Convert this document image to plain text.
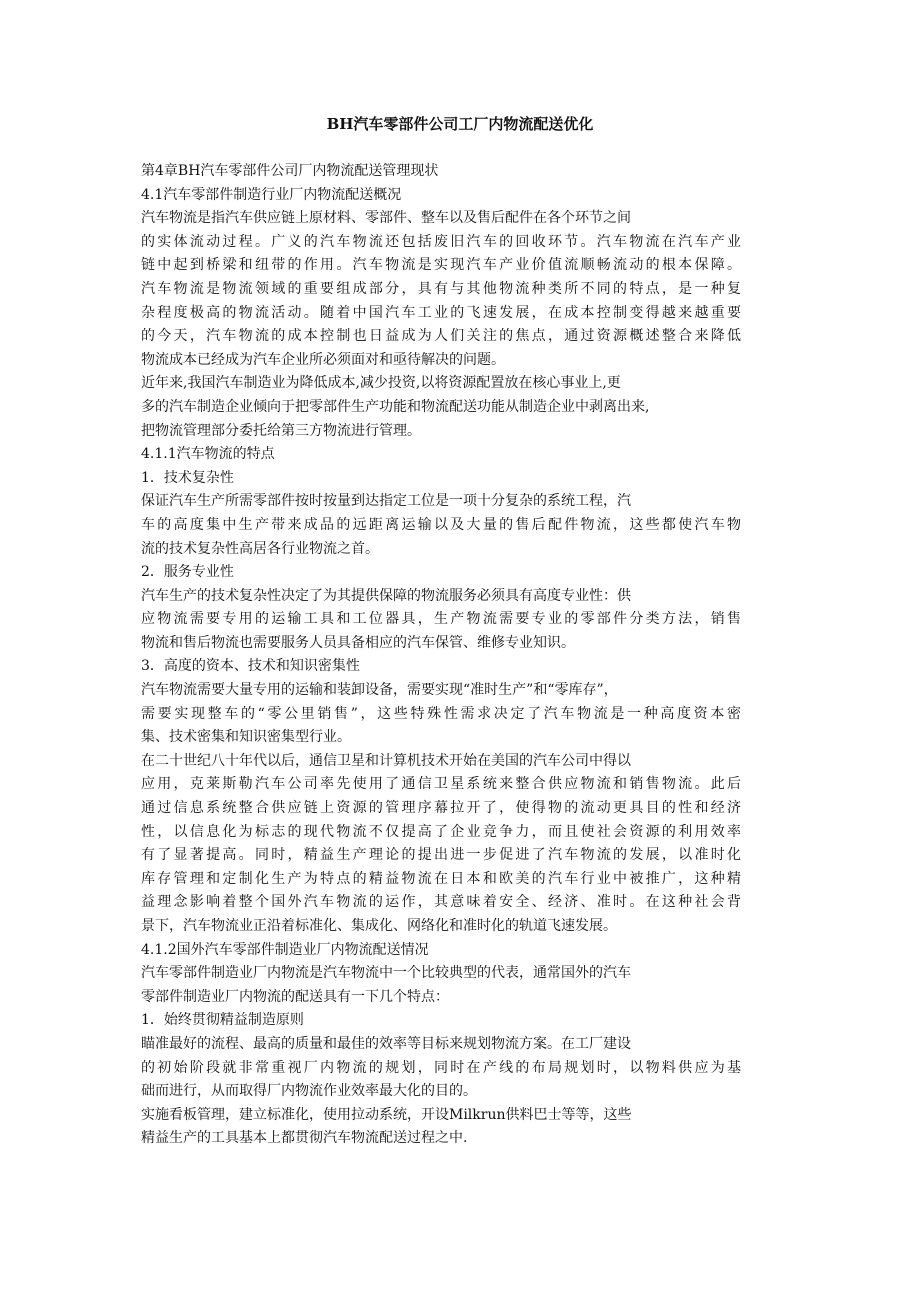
BH汽车零部件公司工厂内物流配送优化
第4章BH汽车零部件公司厂内物流配送管理现状
4.1汽车零部件制造行业厂内物流配送概况
汽车物流是指汽车供应链上原材料、零部件、整车以及售后配件在各个环节之间
的实体流动过程。广义的汽车物流还包括废旧汽车的回收环节。汽车物流在汽车产业
链中起到桥梁和纽带的作用。汽车物流是实现汽车产业价值流顺畅流动的根本保障。
汽车物流是物流领域的重要组成部分，具有与其他物流种类所不同的特点，是一种复
杂程度极高的物流活动。随着中国汽车工业的飞速发展，在成本控制变得越来越重要
的今天，汽车物流的成本控制也日益成为人们关注的焦点，通过资源概述整合来降低
物流成本已经成为汽车企业所必须面对和亟待解决的问题。
近年来,我国汽车制造业为降低成本,减少投资,以将资源配置放在核心事业上,更
多的汽车制造企业倾向于把零部件生产功能和物流配送功能从制造企业中剥离出来,
把物流管理部分委托给第三方物流进行管理。
4.1.1汽车物流的特点
1．技术复杂性
保证汽车生产所需零部件按时按量到达指定工位是一项十分复杂的系统工程，汽
车的高度集中生产带来成品的远距离运输以及大量的售后配件物流，这些都使汽车物
流的技术复杂性高居各行业物流之首。
2．服务专业性
汽车生产的技术复杂性决定了为其提供保障的物流服务必须具有高度专业性：供
应物流需要专用的运输工具和工位器具，生产物流需要专业的零部件分类方法，销售
物流和售后物流也需要服务人员具备相应的汽车保管、维修专业知识。
3．高度的资本、技术和知识密集性
汽车物流需要大量专用的运输和装卸设备，需要实现“准时生产”和“零库存”，
需要实现整车的“零公里销售”，这些特殊性需求决定了汽车物流是一种高度资本密
集、技术密集和知识密集型行业。
在二十世纪八十年代以后，通信卫星和计算机技术开始在美国的汽车公司中得以
应用，克莱斯勒汽车公司率先使用了通信卫星系统来整合供应物流和销售物流。此后
通过信息系统整合供应链上资源的管理序幕拉开了，使得物的流动更具目的性和经济
性，以信息化为标志的现代物流不仅提高了企业竞争力，而且使社会资源的利用效率
有了显著提高。同时，精益生产理论的提出进一步促进了汽车物流的发展，以准时化
库存管理和定制化生产为特点的精益物流在日本和欧美的汽车行业中被推广，这种精
益理念影响着整个国外汽车物流的运作，其意味着安全、经济、准时。在这种社会背
景下，汽车物流业正沿着标准化、集成化、网络化和准时化的轨道飞速发展。
4.1.2国外汽车零部件制造业厂内物流配送情况
汽车零部件制造业厂内物流是汽车物流中一个比较典型的代表，通常国外的汽车
零部件制造业厂内物流的配送具有一下几个特点：
1．始终贯彻精益制造原则
瞄准最好的流程、最高的质量和最佳的效率等目标来规划物流方案。在工厂建设
的初始阶段就非常重视厂内物流的规划，同时在产线的布局规划时，以物料供应为基
础而进行，从而取得厂内物流作业效率最大化的目的。
实施看板管理，建立标准化，使用拉动系统，开设Milkrun供料巴士等等，这些
精益生产的工具基本上都贯彻汽车物流配送过程之中.
